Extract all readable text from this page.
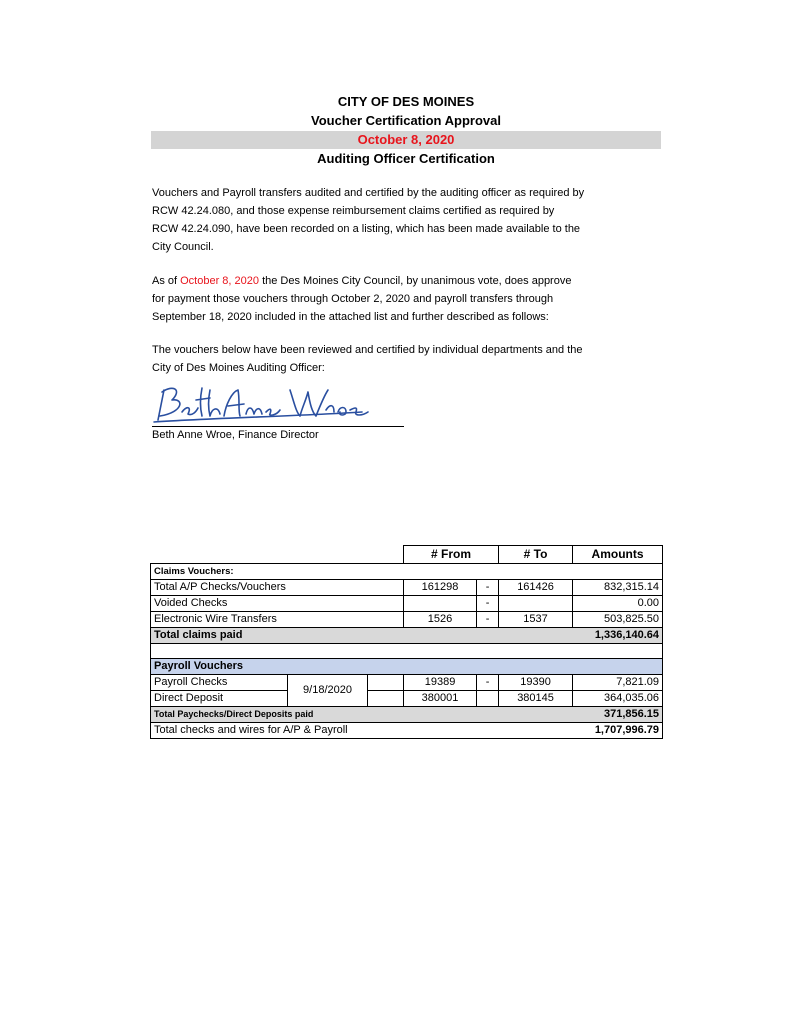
CITY OF DES MOINES
Voucher Certification Approval
October 8, 2020
Auditing Officer Certification
Vouchers and Payroll transfers audited and certified by the auditing officer as required by
RCW 42.24.080, and those expense reimbursement claims certified as required by
RCW 42.24.090, have been recorded on a listing, which has been made available to the
City Council.
As of October 8, 2020 the Des Moines City Council, by unanimous vote, does approve
for payment those vouchers through October 2, 2020 and payroll transfers through
September 18, 2020 included in the attached list and further described as follows:
The vouchers below have been reviewed and certified by individual departments and the
City of Des Moines Auditing Officer:
Beth Anne Wroe, Finance Director
			# From		# To	Amounts
Claims Vouchers:						
Total A/P Checks/Vouchers			161298	-	161426	832,315.14
Voided Checks				-		0.00
Electronic Wire Transfers			1526	-	1537	503,825.50
Total claims paid						1,336,140.64

Payroll Vouchers						
Payroll Checks	9/18/2020		19389	-	19390	7,821.09
Direct Deposit			380001		380145	364,035.06
Total Paychecks/Direct Deposits paid						371,856.15
Total checks and wires for A/P & Payroll						1,707,996.79
